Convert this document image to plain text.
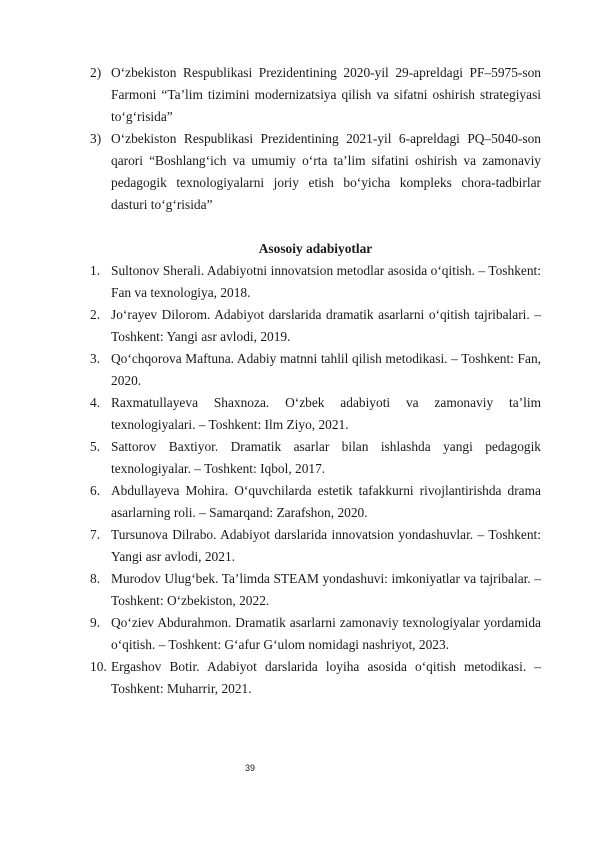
2) O‘zbekiston Respublikasi Prezidentining 2020-yil 29-apreldagi PF–5975-son Farmoni “Ta’lim tizimini modernizatsiya qilish va sifatni oshirish strategiyasi to‘g‘risida”
3) O‘zbekiston Respublikasi Prezidentining 2021-yil 6-apreldagi PQ–5040-son qarori “Boshlang‘ich va umumiy o‘rta ta’lim sifatini oshirish va zamonaviy pedagogik texnologiyalarni joriy etish bo‘yicha kompleks chora-tadbirlar dasturi to‘g‘risida”

Asosoiy adabiyotlar

1. Sultonov Sherali. Adabiyotni innovatsion metodlar asosida o‘qitish. – Toshkent: Fan va texnologiya, 2018.
2. Jo‘rayev Dilorom. Adabiyot darslarida dramatik asarlarni o‘qitish tajribalari. – Toshkent: Yangi asr avlodi, 2019.
3. Qo‘chqorova Maftuna. Adabiy matnni tahlil qilish metodikasi. – Toshkent: Fan, 2020.
4. Raxmatullayeva Shaxnoza. O‘zbek adabiyoti va zamonaviy ta’lim texnologiyalari. – Toshkent: Ilm Ziyo, 2021.
5. Sattorov Baxtiyor. Dramatik asarlar bilan ishlashda yangi pedagogik texnologiyalar. – Toshkent: Iqbol, 2017.
6. Abdullayeva Mohira. O‘quvchilarda estetik tafakkurni rivojlantirishda drama asarlarning roli. – Samarqand: Zarafshon, 2020.
7. Tursunova Dilrabo. Adabiyot darslarida innovatsion yondashuvlar. – Toshkent: Yangi asr avlodi, 2021.
8. Murodov Ulug‘bek. Ta’limda STEAM yondashuvi: imkoniyatlar va tajribalar. – Toshkent: O‘zbekiston, 2022.
9. Qo‘ziev Abdurahmon. Dramatik asarlarni zamonaviy texnologiyalar yordamida o‘qitish. – Toshkent: G‘afur G‘ulom nomidagi nashriyot, 2023.
10. Ergashov Botir. Adabiyot darslarida loyiha asosida o‘qitish metodikasi. – Toshkent: Muharrir, 2021.
39
